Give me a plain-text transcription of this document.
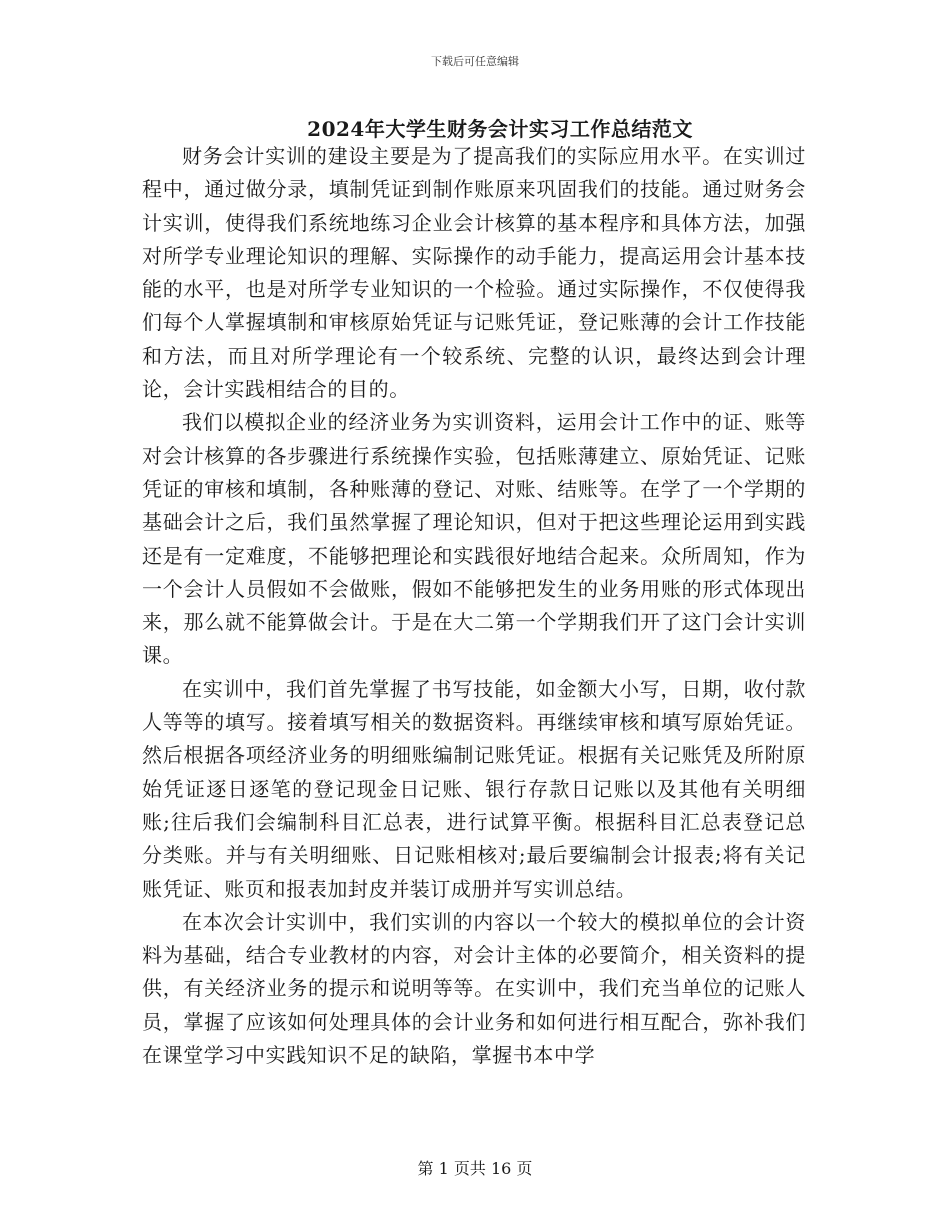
下载后可任意编辑
2024年大学生财务会计实习工作总结范文

财务会计实训的建设主要是为了提高我们的实际应用水平。在实训过程中，通过做分录，填制凭证到制作账原来巩固我们的技能。通过财务会计实训，使得我们系统地练习企业会计核算的基本程序和具体方法，加强对所学专业理论知识的理解、实际操作的动手能力，提高运用会计基本技能的水平，也是对所学专业知识的一个检验。通过实际操作，不仅使得我们每个人掌握填制和审核原始凭证与记账凭证，登记账薄的会计工作技能和方法，而且对所学理论有一个较系统、完整的认识，最终达到会计理论，会计实践相结合的目的。

我们以模拟企业的经济业务为实训资料，运用会计工作中的证、账等对会计核算的各步骤进行系统操作实验，包括账薄建立、原始凭证、记账凭证的审核和填制，各种账薄的登记、对账、结账等。在学了一个学期的基础会计之后，我们虽然掌握了理论知识，但对于把这些理论运用到实践还是有一定难度，不能够把理论和实践很好地结合起来。众所周知，作为一个会计人员假如不会做账，假如不能够把发生的业务用账的形式体现出来，那么就不能算做会计。于是在大二第一个学期我们开了这门会计实训课。

在实训中，我们首先掌握了书写技能，如金额大小写，日期，收付款人等等的填写。接着填写相关的数据资料。再继续审核和填写原始凭证。然后根据各项经济业务的明细账编制记账凭证。根据有关记账凭及所附原始凭证逐日逐笔的登记现金日记账、银行存款日记账以及其他有关明细账;往后我们会编制科目汇总表，进行试算平衡。根据科目汇总表登记总分类账。并与有关明细账、日记账相核对;最后要编制会计报表;将有关记账凭证、账页和报表加封皮并装订成册并写实训总结。

在本次会计实训中，我们实训的内容以一个较大的模拟单位的会计资料为基础，结合专业教材的内容，对会计主体的必要简介，相关资料的提供，有关经济业务的提示和说明等等。在实训中，我们充当单位的记账人员，掌握了应该如何处理具体的会计业务和如何进行相互配合，弥补我们在课堂学习中实践知识不足的缺陷，掌握书本中学

第 1 页共 16 页
